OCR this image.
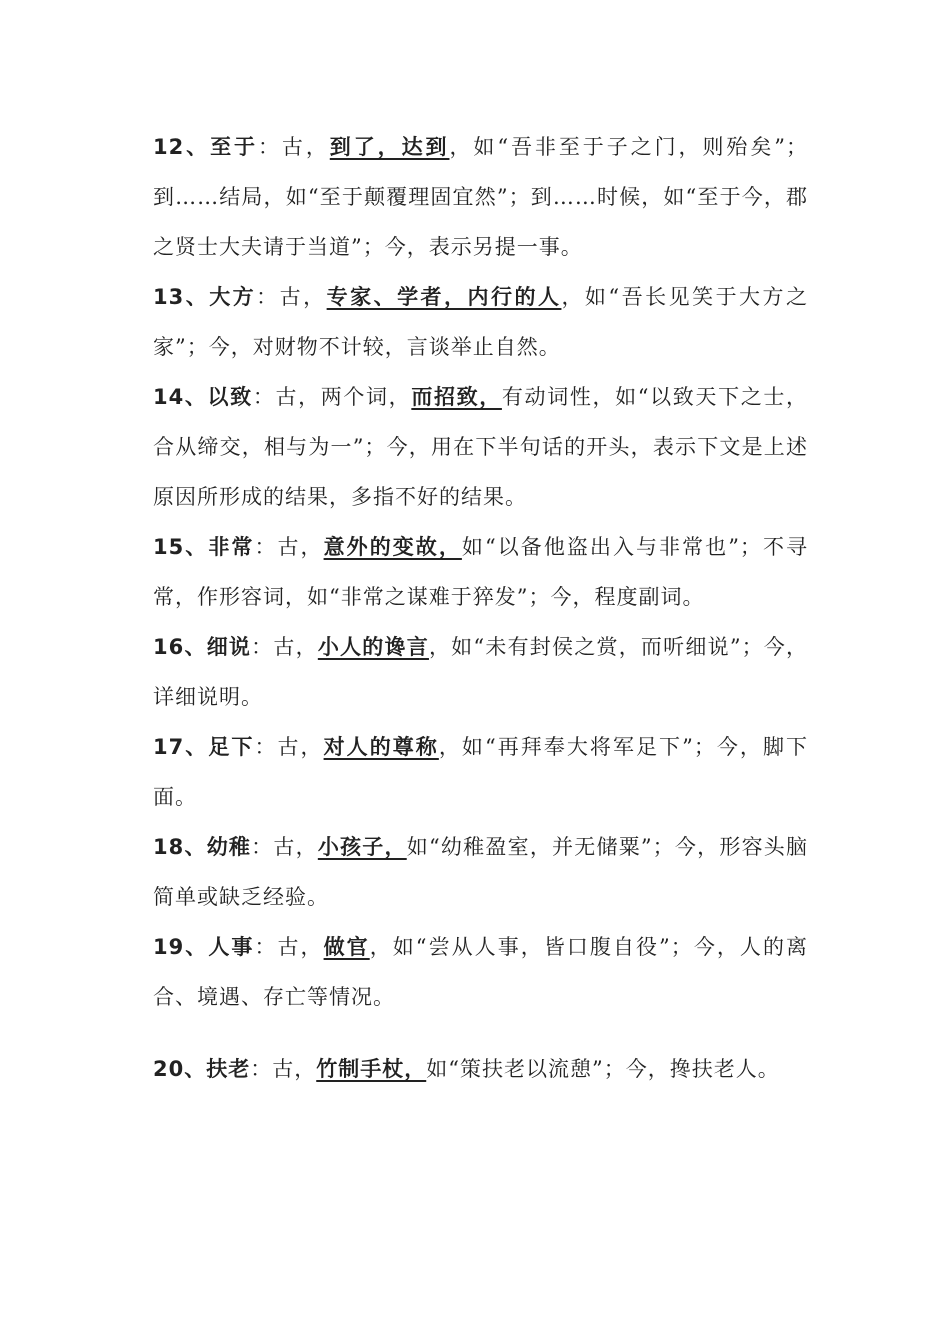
12、至于：古，到了，达到，如“吾非至于子之门，则殆矣”；到……结局，如“至于颠覆理固宜然”；到……时候，如“至于今，郡之贤士大夫请于当道”；今，表示另提一事。

13、大方：古，专家、学者，内行的人，如“吾长见笑于大方之家”；今，对财物不计较，言谈举止自然。

14、以致：古，两个词，而招致，有动词性，如“以致天下之士，合从缔交，相与为一”；今，用在下半句话的开头，表示下文是上述原因所形成的结果，多指不好的结果。

15、非常：古，意外的变故，如“以备他盗出入与非常也”；不寻常，作形容词，如“非常之谋难于猝发”；今，程度副词。

16、细说：古，小人的谗言，如“未有封侯之赏，而听细说”；今，详细说明。

17、足下：古，对人的尊称，如“再拜奉大将军足下”；今，脚下面。

18、幼稚：古，小孩子，如“幼稚盈室，并无储粟”；今，形容头脑简单或缺乏经验。

19、人事：古，做官，如“尝从人事，皆口腹自役”；今，人的离合、境遇、存亡等情况。

20、扶老：古，竹制手杖，如“策扶老以流憩”；今，搀扶老人。
